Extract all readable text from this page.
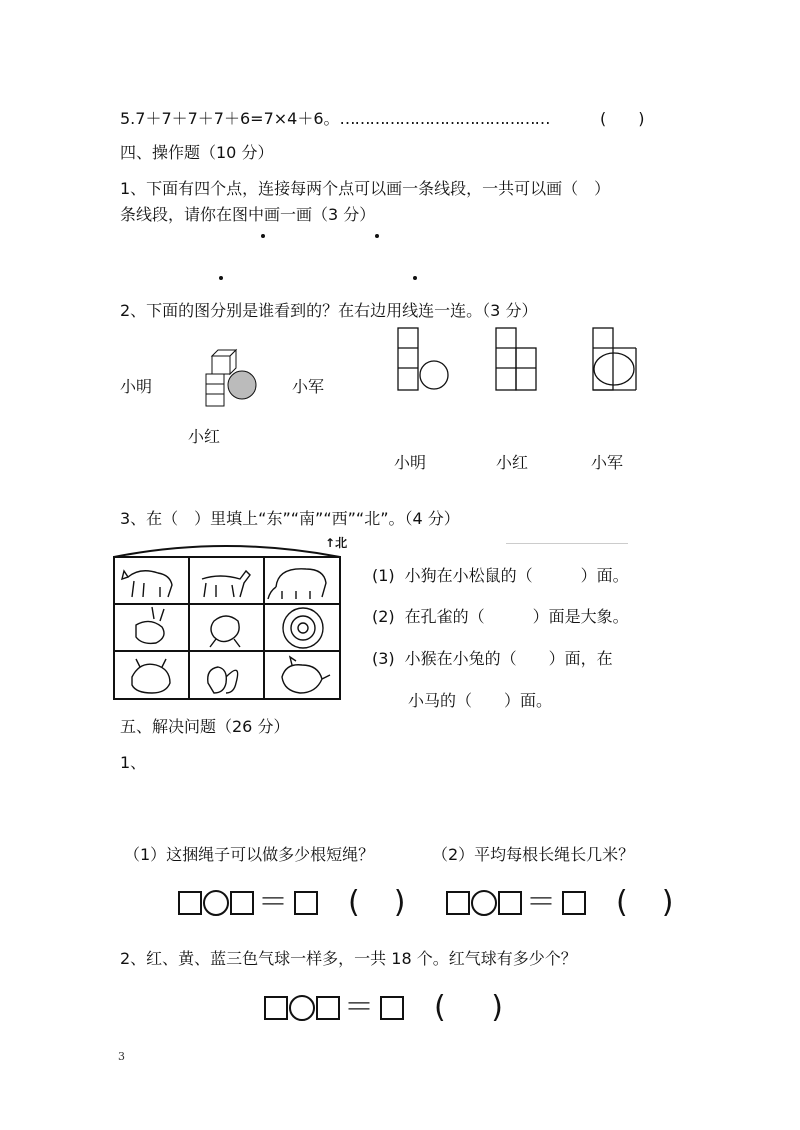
5.7＋7＋7＋7＋6=7×4＋6。……………………………………	(　　)
四、操作题（10 分）
1、下面有四个点，连接每两个点可以画一条线段，一共可以画（　）
条线段，请你在图中画一画（3 分）
2、下面的图分别是谁看到的？在右边用线连一连。（3 分）
小明	小军
小红
小明	小红	小军
3、在（　）里填上“东”“南”“西”“北”。（4 分）
↑北
(1) 小狗在小松鼠的（　　　）面。
(2) 在孔雀的（　　　）面是大象。
(3) 小猴在小兔的（　　）面，在
小马的（　　）面。
五、解决问题（26 分）
1、
（1）这捆绳子可以做多少根短绳？	（2）平均每根长绳长几米？
＝ (　)	＝ (　)
2、红、黄、蓝三色气球一样多，一共 18 个。红气球有多少个？
＝ (　 )
3
